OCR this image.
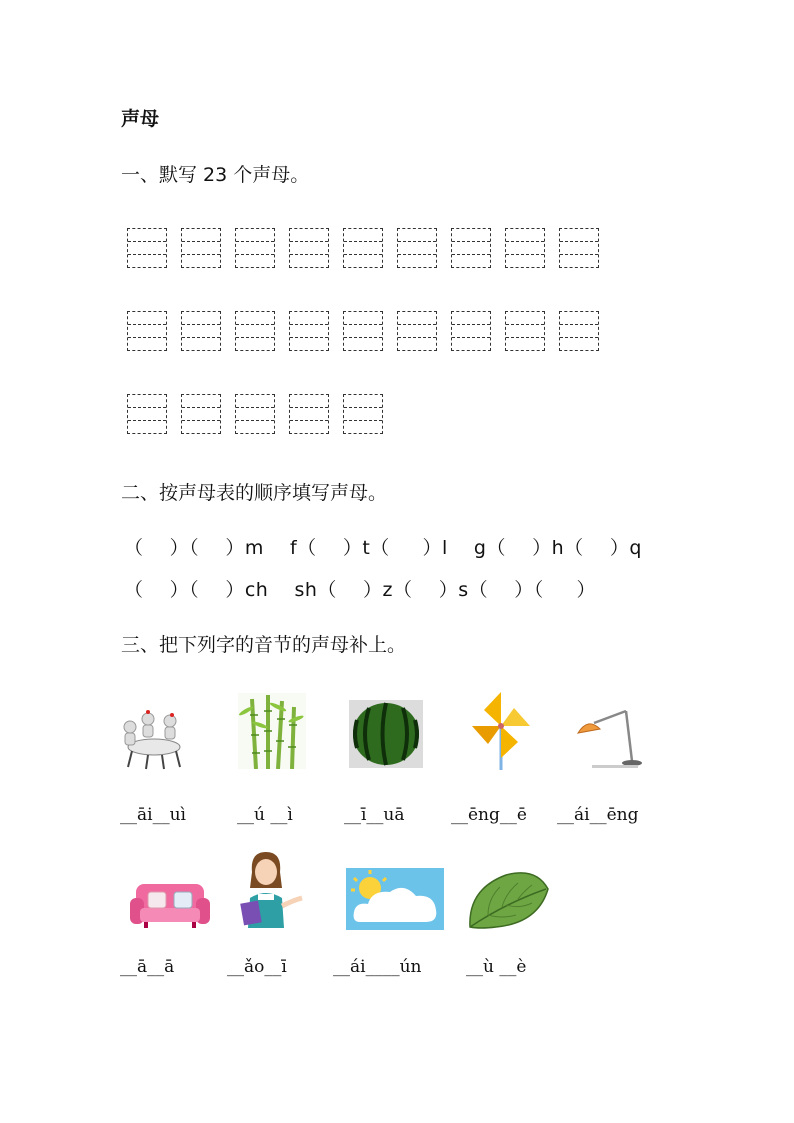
声母
一、默写 23 个声母。
二、按声母表的顺序填写声母。
（    ）（    ）m    f（    ）t（     ）l    g（    ）h（    ）q
（    ）（    ）ch    sh（    ）z（    ）s（    ）（     ）
三、把下列字的音节的声母补上。
__āi__uì	__ú __ì	__ī__uā	__ēng__ē __ái__ēng
__ā__ā	__ǎo__ī	__ái____ún	__ù __è
